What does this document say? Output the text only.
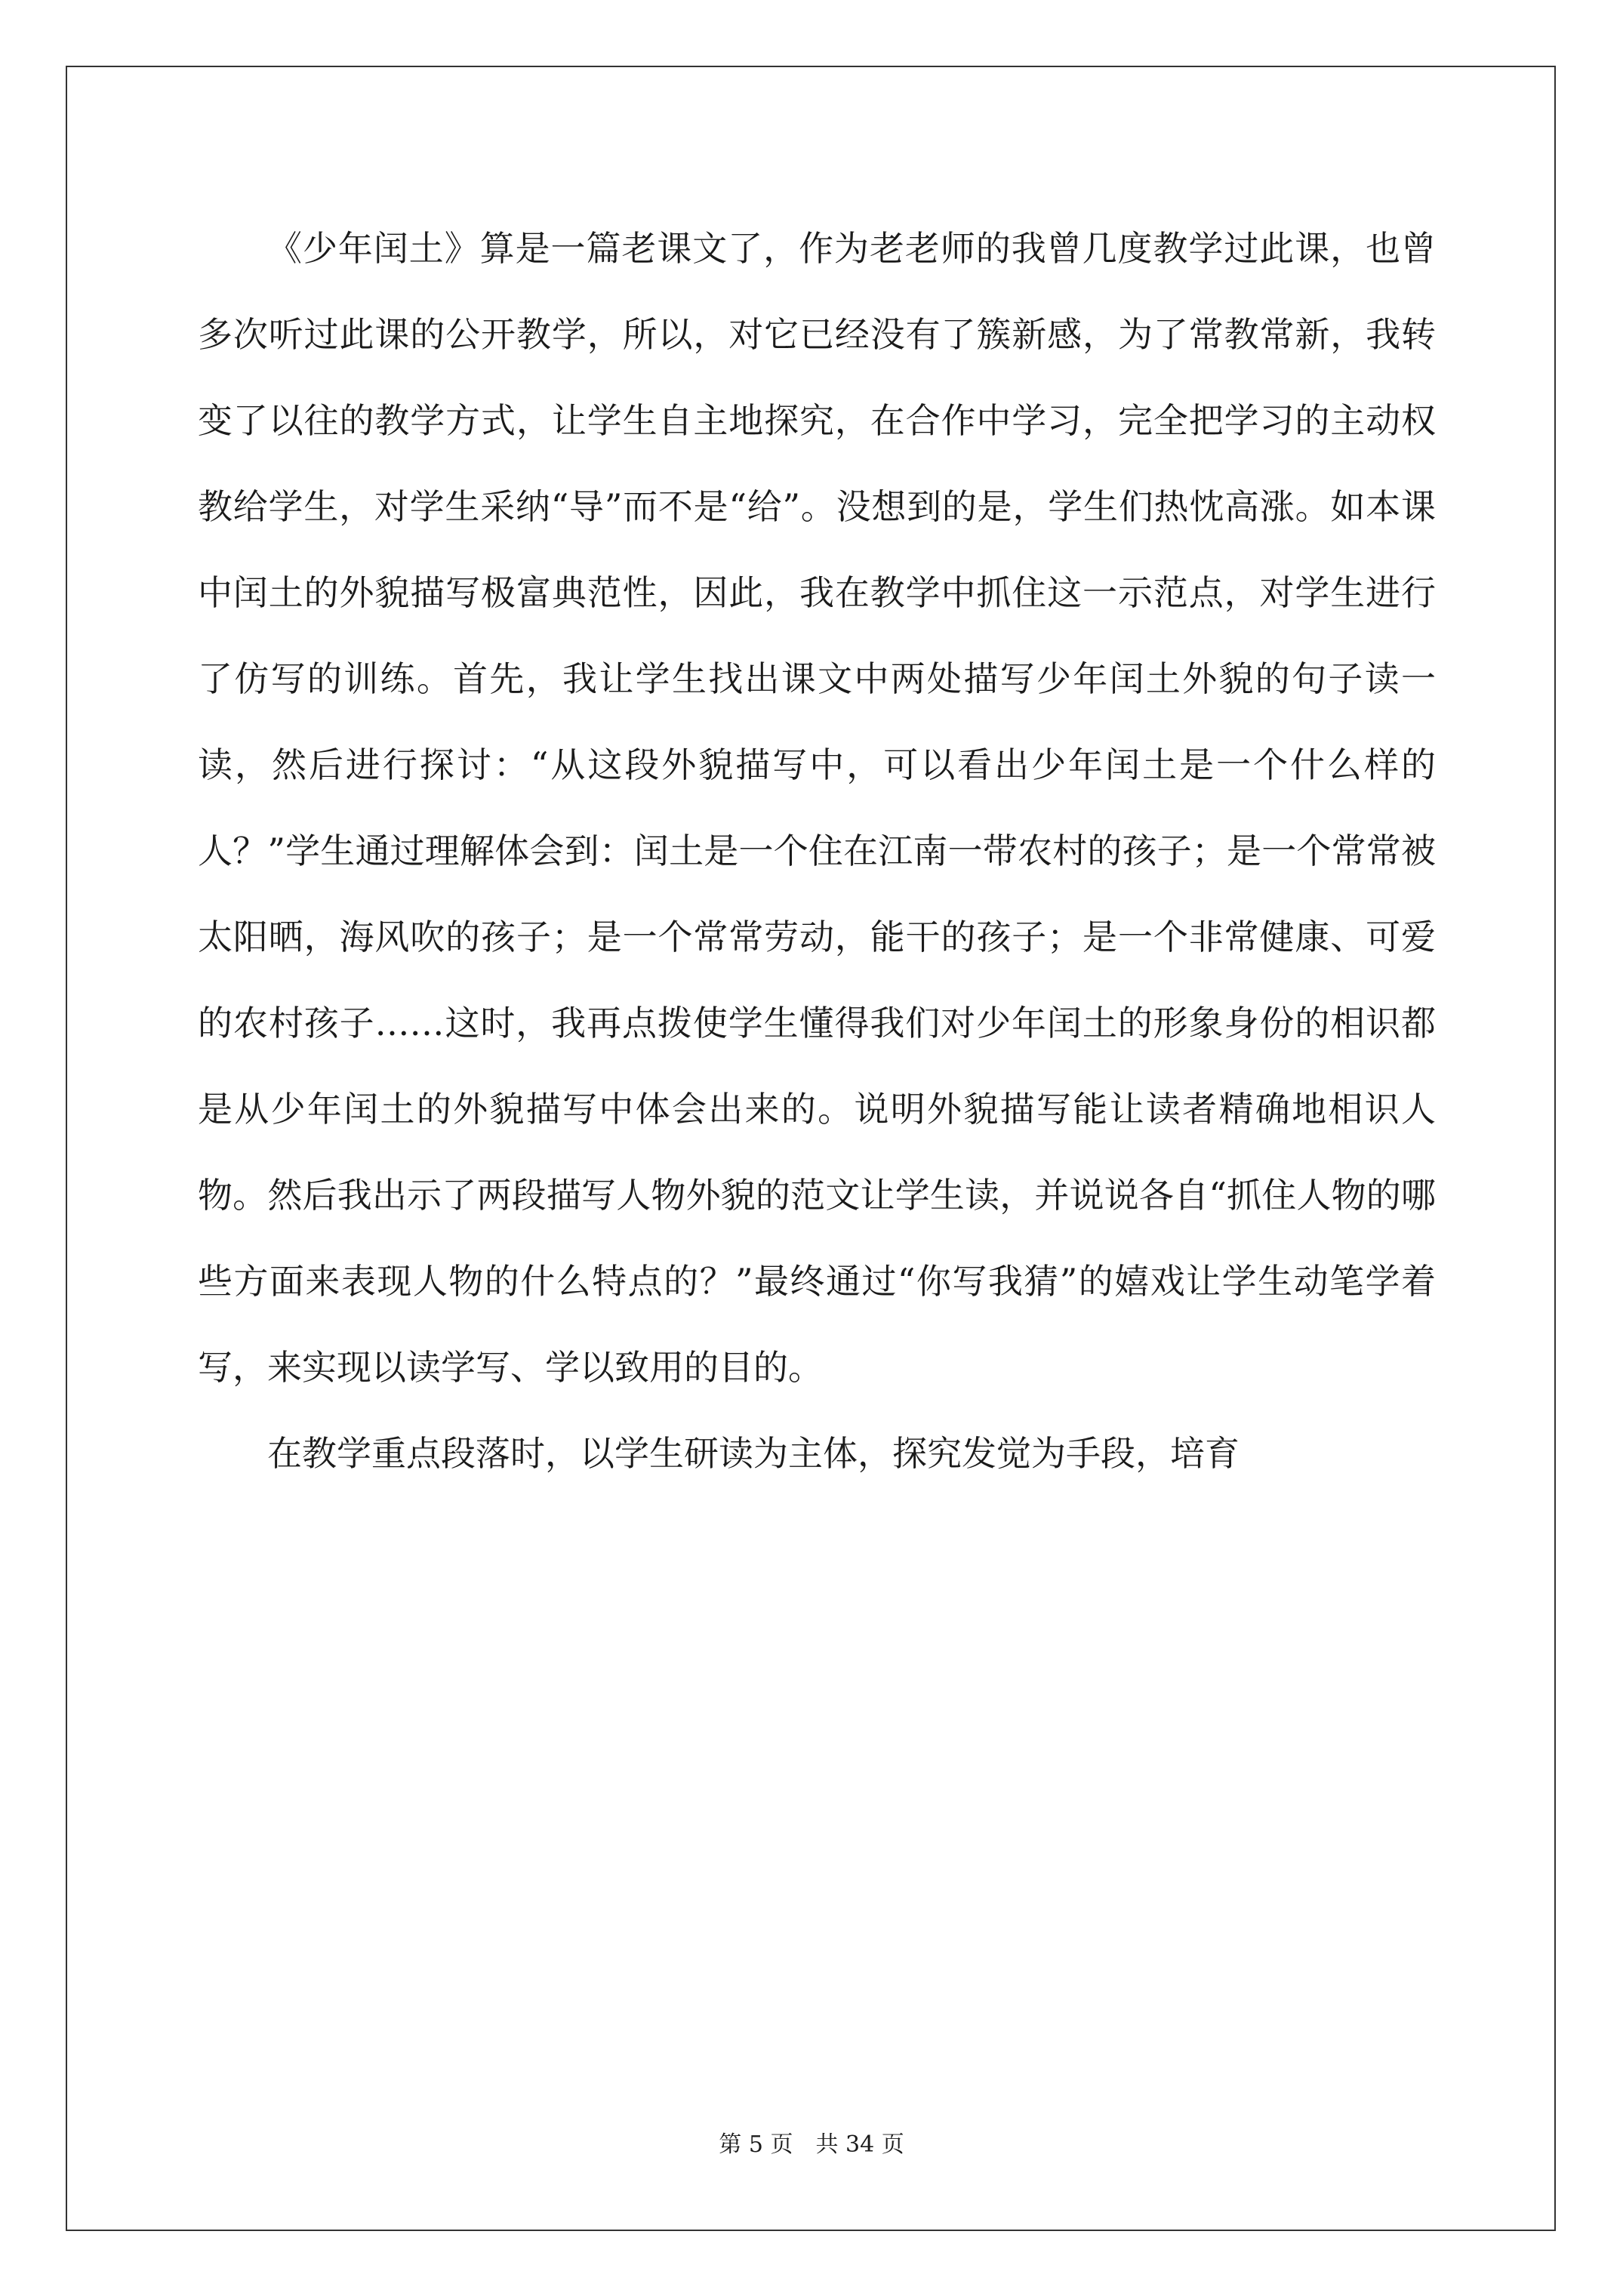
《少年闰土》算是一篇老课文了，作为老老师的我曾几度教学过此课，也曾多次听过此课的公开教学，所以，对它已经没有了簇新感，为了常教常新，我转变了以往的教学方式，让学生自主地探究，在合作中学习，完全把学习的主动权教给学生，对学生采纳“导”而不是“给”。没想到的是，学生们热忱高涨。如本课中闰土的外貌描写极富典范性，因此，我在教学中抓住这一示范点，对学生进行了仿写的训练。首先，我让学生找出课文中两处描写少年闰土外貌的句子读一读，然后进行探讨：“从这段外貌描写中，可以看出少年闰土是一个什么样的人？”学生通过理解体会到：闰土是一个住在江南一带农村的孩子；是一个常常被太阳晒，海风吹的孩子；是一个常常劳动，能干的孩子；是一个非常健康、可爱的农村孩子……这时，我再点拨使学生懂得我们对少年闰土的形象身份的相识都是从少年闰土的外貌描写中体会出来的。说明外貌描写能让读者精确地相识人物。然后我出示了两段描写人物外貌的范文让学生读，并说说各自“抓住人物的哪些方面来表现人物的什么特点的？”最终通过“你写我猜”的嬉戏让学生动笔学着写，来实现以读学写、学以致用的目的。

在教学重点段落时，以学生研读为主体，探究发觉为手段，培育

第 5 页　共 34 页
